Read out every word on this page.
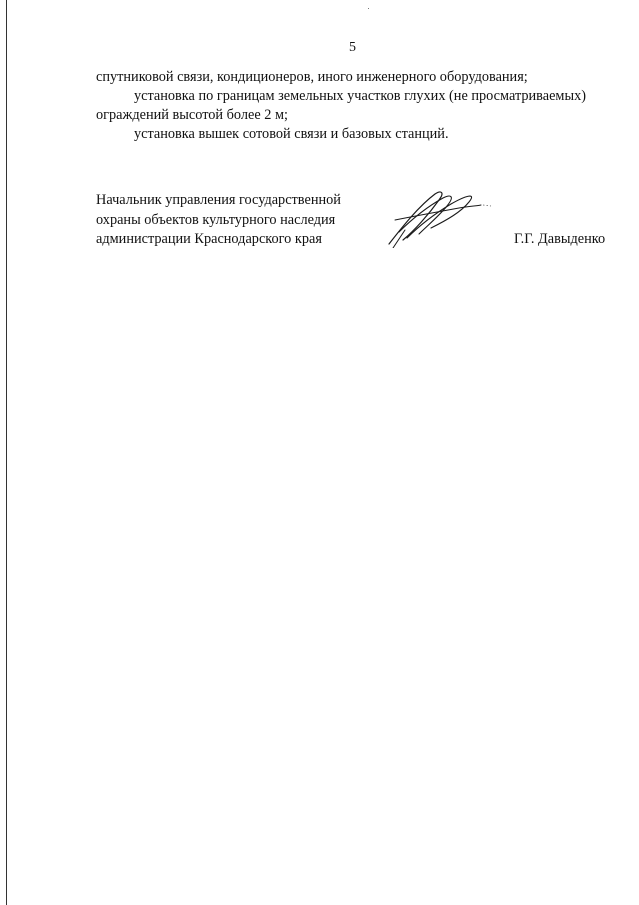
5

спутниковой связи, кондиционеров, иного инженерного оборудования;

установка по границам земельных участков глухих (не просматриваемых)

ограждений высотой более 2 м;

установка вышек сотовой связи и базовых станций.

Начальник управления государственной

охраны объектов культурного наследия

администрации Краснодарского края	Г.Г. Давыденко
